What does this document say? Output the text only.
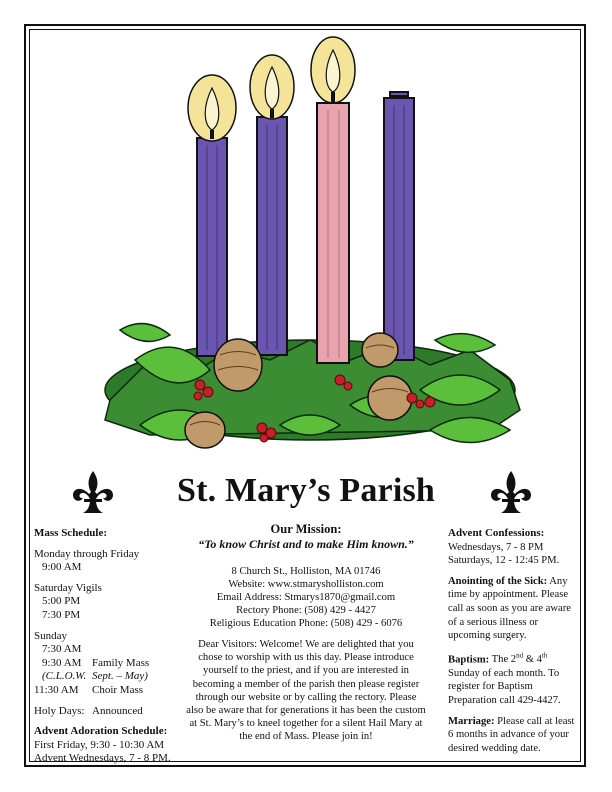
St. Mary’s Parish
Mass Schedule:
Monday through Friday
9:00 AM
Saturday Vigils
5:00 PM
7:30 PM
Sunday
7:30 AM
9:30 AM Family Mass
(C.L.O.W. Sept. – May)
11:30 AM	Choir Mass
Holy Days: Announced
Advent Adoration Schedule:
First Friday, 9:30 - 10:30 AM
Advent Wednesdays, 7 - 8 PM.
Our Mission:
“To know Christ and to make Him known.”
8 Church St., Holliston, MA 01746
Website: www.stmarysholliston.com
Email Address: Stmarys1870@gmail.com
Rectory Phone: (508) 429 - 4427
Religious Education Phone: (508) 429 - 6076
Dear Visitors: Welcome! We are delighted that you chose to worship with us this day. Please introduce yourself to the priest, and if you are interested in becoming a member of the parish then please register through our website or by calling the rectory. Please also be aware that for generations it has been the custom at St. Mary’s to kneel together for a silent Hail Mary at the end of Mass. Please join in!
Advent Confessions:
Wednesdays, 7 - 8 PM
Saturdays, 12 - 12:45 PM.
Anointing of the Sick: Any time by appointment. Please call as soon as you are aware of a serious illness or upcoming surgery.
Baptism: The 2nd & 4th Sunday of each month. To register for Baptism Preparation call 429-4427.
Marriage: Please call at least 6 months in advance of your desired wedding date.
